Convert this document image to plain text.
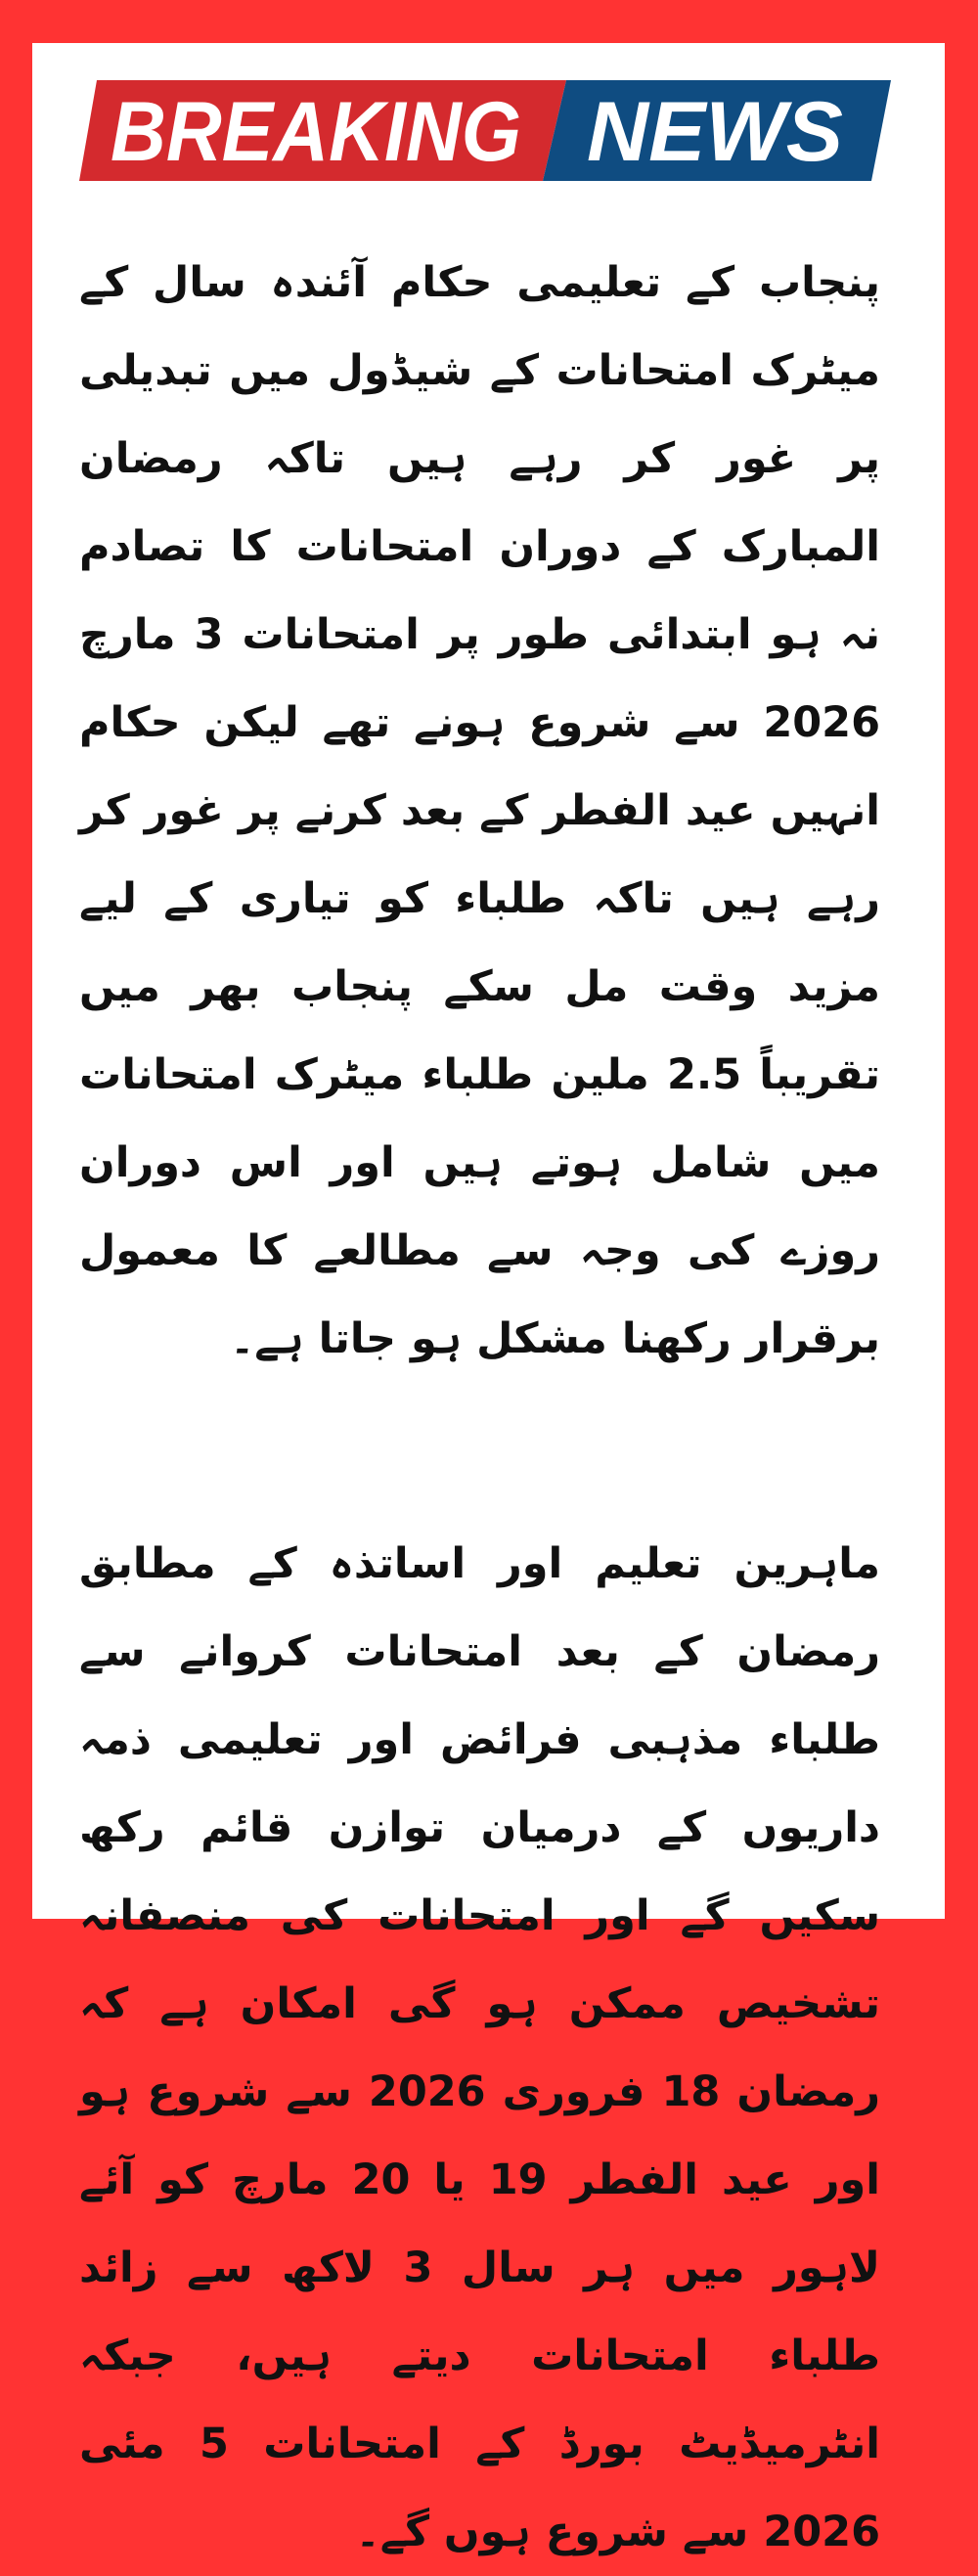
BREAKING NEWS

پنجاب کے تعلیمی حکام آئندہ سال کے میٹرک امتحانات کے شیڈول میں تبدیلی پر غور کر رہے ہیں تاکہ رمضان المبارک کے دوران امتحانات کا تصادم نہ ہو ابتدائی طور پر امتحانات 3 مارچ 2026 سے شروع ہونے تھے لیکن حکام انہیں عید الفطر کے بعد کرنے پر غور کر رہے ہیں تاکہ طلباء کو تیاری کے لیے مزید وقت مل سکے پنجاب بھر میں تقریباً 2.5 ملین طلباء میٹرک امتحانات میں شامل ہوتے ہیں اور اس دوران روزے کی وجہ سے مطالعے کا معمول برقرار رکھنا مشکل ہو جاتا ہے۔

ماہرین تعلیم اور اساتذہ کے مطابق رمضان کے بعد امتحانات کروانے سے طلباء مذہبی فرائض اور تعلیمی ذمہ داریوں کے درمیان توازن قائم رکھ سکیں گے اور امتحانات کی منصفانہ تشخیص ممکن ہو گی امکان ہے کہ رمضان 18 فروری 2026 سے شروع ہو اور عید الفطر 19 یا 20 مارچ کو آئے لاہور میں ہر سال 3 لاکھ سے زائد طلباء امتحانات دیتے ہیں، جبکہ انٹرمیڈیٹ بورڈ کے امتحانات 5 مئی 2026 سے شروع ہوں گے۔
